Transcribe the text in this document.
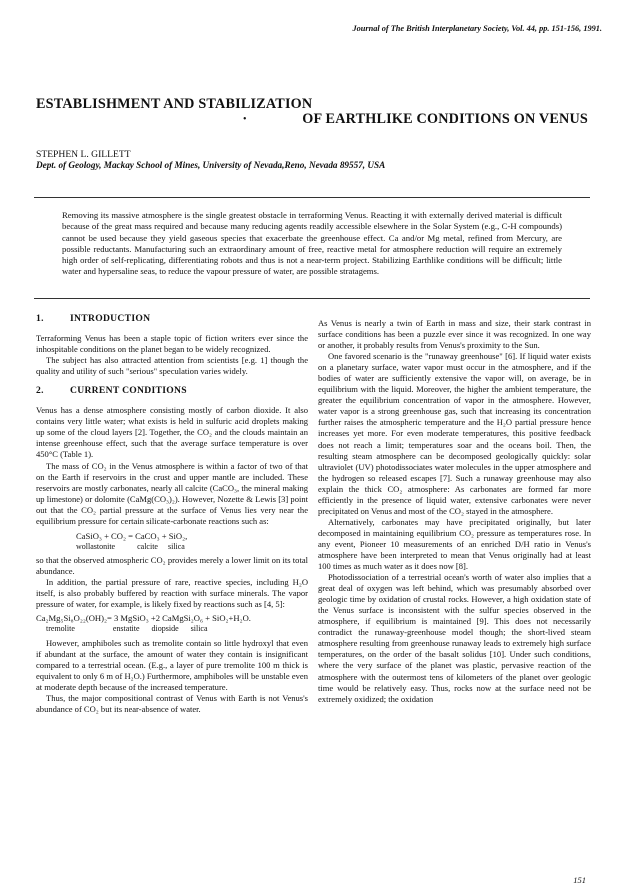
Journal of The British Interplanetary Society, Vol. 44, pp. 151-156, 1991.
ESTABLISHMENT AND STABILIZATION
•	OF EARTHLIKE CONDITIONS ON VENUS
STEPHEN L. GILLETT
Dept. of Geology, Mackay School of Mines, University of Nevada,Reno, Nevada 89557, USA
Removing its massive atmosphere is the single greatest obstacle in terraforming Venus. Reacting it with externally derived material is difficult because of the great mass required and because many reducing agents readily accessible elsewhere in the Solar System (e.g., C-H compounds) cannot be used because they yield gaseous species that exacerbate the greenhouse effect. Ca and/or Mg metal, refined from Mercury, are possible reductants. Manufacturing such an extraordinary amount of free, reactive metal for atmosphere reduction will require an extremely high order of self-replicating, differentiating robots and thus is not a near-term project. Stabilizing Earthlike conditions will be difficult; little water and hypersaline seas, to reduce the vapour pressure of water, are possible stratagems.
1.	INTRODUCTION

Terraforming Venus has been a staple topic of fiction writers ever since the inhospitable conditions on the planet began to be widely recognized.

The subject has also attracted attention from scientists [e.g. 1] though the quality and utility of such "serious" speculation varies widely.

2.	CURRENT CONDITIONS

Venus has a dense atmosphere consisting mostly of carbon dioxide. It also contains very little water; what exists is held in sulfuric acid droplets making up some of the cloud layers [2]. Together, the CO₂ and the clouds maintain an intense greenhouse effect, such that the average surface temperature is over 450°C (Table 1).

The mass of CO₂ in the Venus atmosphere is within a factor of two of that on the Earth if reservoirs in the crust and upper mantle are included. These reservoirs are mostly carbonates, nearly all calcite (CaCO₃, the mineral making up limestone) or dolomite (CaMg(CO₃)₂). However, Nozette & Lewis [3] point out that the CO₂ partial pressure at the surface of Venus lies very near the equilibrium pressure for certain silicate-carbonate reactions such as:

CaSiO₃ + CO₂ = CaCO₃ + SiO₂,
wollastonite           calcite     silica

so that the observed atmospheric CO₂ provides merely a lower limit on its total abundance.

In addition, the partial pressure of rare, reactive species, including H₂O itself, is also probably buffered by reaction with surface minerals. The vapor pressure of water, for example, is likely fixed by reactions such as [4, 5]:

Ca₂Mg₅Si₈O₂₂(OH)₂= 3 MgSiO₃ +2 CaMgSi₂O₆ + SiO₂+H₂O.
tremolite                   enstatite      diopside      silica

However, amphiboles such as tremolite contain so little hydroxyl that even if abundant at the surface, the amount of water they contain is insignificant compared to a terrestrial ocean. (E.g., a layer of pure tremolite 100 m thick is equivalent to only 6 m of H₂O.) Furthermore, amphiboles will be unstable even at moderate depth because of the increased temperature.

Thus, the major compositional contrast of Venus with Earth is not Venus's abundance of CO₂ but its near-absence of water.

As Venus is nearly a twin of Earth in mass and size, their stark contrast in surface conditions has been a puzzle ever since it was recognized. In one way or another, it probably results from Venus's proximity to the Sun.

One favored scenario is the "runaway greenhouse" [6]. If liquid water exists on a planetary surface, water vapor must occur in the atmosphere, and if the bodies of water are sufficiently extensive the vapor will, on average, be in equilibrium with the liquid. Moreover, the higher the ambient temperature, the greater the equilibrium concentration of vapor in the atmosphere. However, water vapor is a strong greenhouse gas, such that increasing its concentration further raises the atmospheric temperature and the H₂O partial pressure hence increases yet more. For even moderate temperatures, this positive feedback does not reach a limit; temperatures soar and the oceans boil. Then, the resulting steam atmosphere can be decomposed geologically quickly: solar ultraviolet (UV) photodissociates water molecules in the upper atmosphere and the hydrogen so released escapes [7]. Such a runaway greenhouse may also explain the thick CO₂ atmosphere: As carbonates are formed far more efficiently in the presence of liquid water, extensive carbonates were never precipitated on Venus and most of the CO₂ stayed in the atmosphere.

Alternatively, carbonates may have precipitated originally, but later decomposed in maintaining equilibrium CO₂ pressure as temperatures rose. In any event, Pioneer 10 measurements of an enriched D/H ratio in Venus's atmosphere have been interpreted to mean that Venus originally had at least 100 times as much water as it does now [8].

Photodissociation of a terrestrial ocean's worth of water also implies that a great deal of oxygen was left behind, which was presumably absorbed over geologic time by oxidation of crustal rocks. However, a high oxidation state of the Venus surface is inconsistent with the sulfur species observed in the atmosphere, if equilibrium is maintained [9]. This does not necessarily contradict the runaway-greenhouse model though; the short-lived steam atmosphere resulting from greenhouse runaway leads to extremely high surface temperatures, on the order of the basalt solidus [10]. Under such conditions, where the very surface of the planet was plastic, pervasive reaction of the atmosphere with the outermost tens of kilometers of the planet over geologic time would be relatively easy. Thus, rocks now at the surface need not be extremely oxidized; the oxidation

151
